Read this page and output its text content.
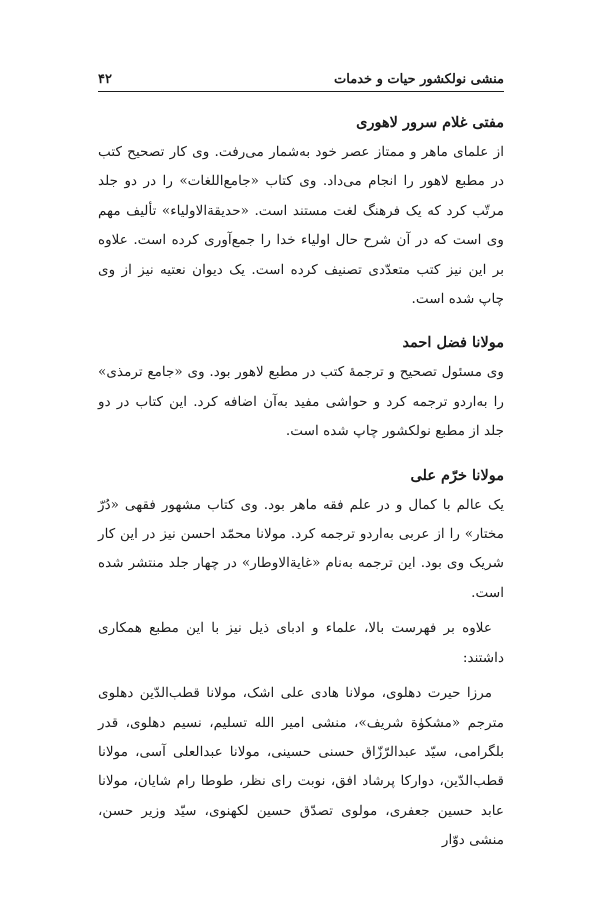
منشی نولکشور حیات و خدمات
۴۲
مفتی غلام سرور لاهوری

از علمای ماهر و ممتاز عصر خود به‌شمار می‌رفت. وی کار تصحیح کتب در مطبع لاهور را انجام می‌داد. وی کتاب «جامع‌اللغات» را در دو جلد مرتّب کرد که یک فرهنگ لغت مستند است. «حدیقةالاولیاء» تألیف مهم وی است که در آن شرح حال اولیاء خدا را جمع‌آوری کرده است. علاوه بر این نیز کتب متعدّدی تصنیف کرده است. یک دیوان نعتیه نیز از وی چاپ شده است.

مولانا فضل احمد

وی مسئول تصحیح و ترجمهٔ کتب در مطبع لاهور بود. وی «جامع ترمذی» را به‌اردو ترجمه کرد و حواشی مفید به‌آن اضافه کرد. این کتاب در دو جلد از مطبع نولکشور چاپ شده است.

مولانا خرّم علی

یک عالم با کمال و در علم فقه ماهر بود. وی کتاب مشهور فقهی «دُرّ مختار» را از عربی به‌اردو ترجمه کرد. مولانا محمّد احسن نیز در این کار شریک وی بود. این ترجمه به‌نام «غایةالاوطار» در چهار جلد منتشر شده است.

علاوه بر فهرست بالا، علماء و ادبای ذیل نیز با این مطبع همکاری داشتند:

مرزا حیرت دهلوی، مولانا هادی علی اشک، مولانا قطب‌الدّین دهلوی مترجم «مشکوٰة شریف»، منشی امیر الله تسلیم، نسیم دهلوی، قدر بلگرامی، سیّد عبدالرّزّاق حسنی حسینی، مولانا عبدالعلی آسی، مولانا قطب‌الدّین، دوارکا پرشاد افق، نوبت رای نظر، طوطا رام شایان، مولانا عابد حسین جعفری، مولوی تصدّق حسین لکهنوی، سیّد وزیر حسن، منشی دوّار
